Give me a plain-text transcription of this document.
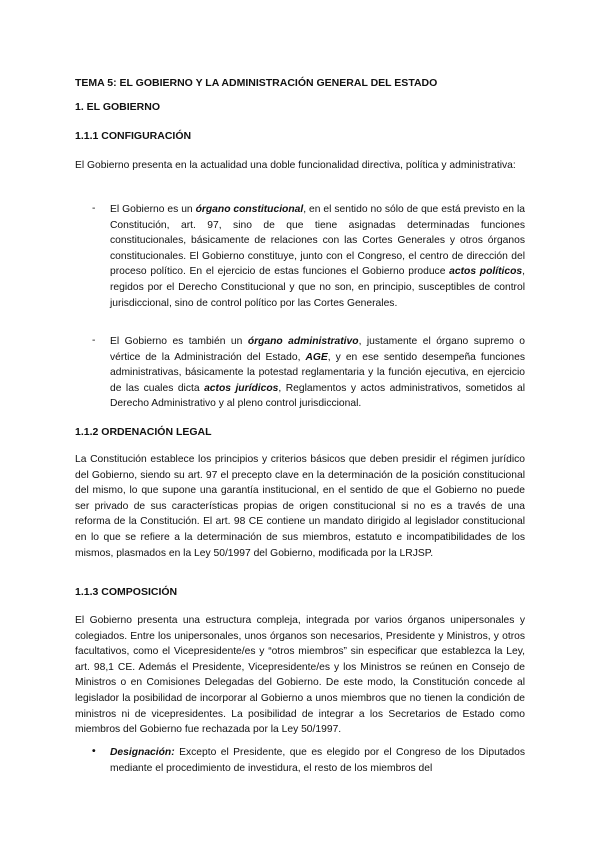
TEMA 5: EL GOBIERNO Y LA ADMINISTRACIÓN GENERAL DEL ESTADO

1. EL GOBIERNO

1.1.1 CONFIGURACIÓN

El Gobierno presenta en la actualidad una doble funcionalidad directiva, política y administrativa:

- El Gobierno es un órgano constitucional, en el sentido no sólo de que está previsto en la Constitución, art. 97, sino de que tiene asignadas determinadas funciones constitucionales, básicamente de relaciones con las Cortes Generales y otros órganos constitucionales. El Gobierno constituye, junto con el Congreso, el centro de dirección del proceso político. En el ejercicio de estas funciones el Gobierno produce actos políticos, regidos por el Derecho Constitucional y que no son, en principio, susceptibles de control jurisdiccional, sino de control político por las Cortes Generales.

- El Gobierno es también un órgano administrativo, justamente el órgano supremo o vértice de la Administración del Estado, AGE, y en ese sentido desempeña funciones administrativas, básicamente la potestad reglamentaria y la función ejecutiva, en ejercicio de las cuales dicta actos jurídicos, Reglamentos y actos administrativos, sometidos al Derecho Administrativo y al pleno control jurisdiccional.

1.1.2 ORDENACIÓN LEGAL

La Constitución establece los principios y criterios básicos que deben presidir el régimen jurídico del Gobierno, siendo su art. 97 el precepto clave en la determinación de la posición constitucional del mismo, lo que supone una garantía institucional, en el sentido de que el Gobierno no puede ser privado de sus características propias de origen constitucional si no es a través de una reforma de la Constitución. El art. 98 CE contiene un mandato dirigido al legislador constitucional en lo que se refiere a la determinación de sus miembros, estatuto e incompatibilidades de los mismos, plasmados en la Ley 50/1997 del Gobierno, modificada por la LRJSP.

1.1.3 COMPOSICIÓN

El Gobierno presenta una estructura compleja, integrada por varios órganos unipersonales y colegiados. Entre los unipersonales, unos órganos son necesarios, Presidente y Ministros, y otros facultativos, como el Vicepresidente/es y “otros miembros” sin especificar que establezca la Ley, art. 98,1 CE. Además el Presidente, Vicepresidente/es y los Ministros se reúnen en Consejo de Ministros o en Comisiones Delegadas del Gobierno. De este modo, la Constitución concede al legislador la posibilidad de incorporar al Gobierno a unos miembros que no tienen la condición de ministros ni de vicepresidentes. La posibilidad de integrar a los Secretarios de Estado como miembros del Gobierno fue rechazada por la Ley 50/1997.

• Designación: Excepto el Presidente, que es elegido por el Congreso de los Diputados mediante el procedimiento de investidura, el resto de los miembros del
